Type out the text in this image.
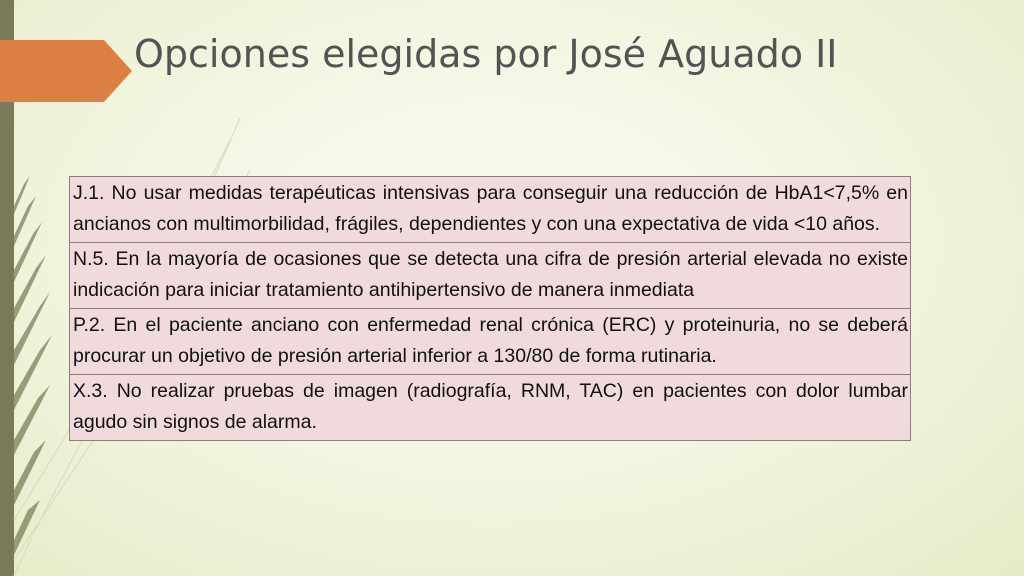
Opciones elegidas por José Aguado II
J.1. No usar medidas terapéuticas intensivas para conseguir una reducción de HbA1<7,5% en ancianos con multimorbilidad, frágiles, dependientes y con una expectativa de vida <10 años.
N.5. En la mayoría de ocasiones que se detecta una cifra de presión arterial elevada no existe indicación para iniciar tratamiento antihipertensivo de manera inmediata
P.2. En el paciente anciano con enfermedad renal crónica (ERC) y proteinuria, no se deberá procurar un objetivo de presión arterial inferior a 130/80 de forma rutinaria.
X.3. No realizar pruebas de imagen (radiografía, RNM, TAC) en pacientes con dolor lumbar agudo sin signos de alarma.
